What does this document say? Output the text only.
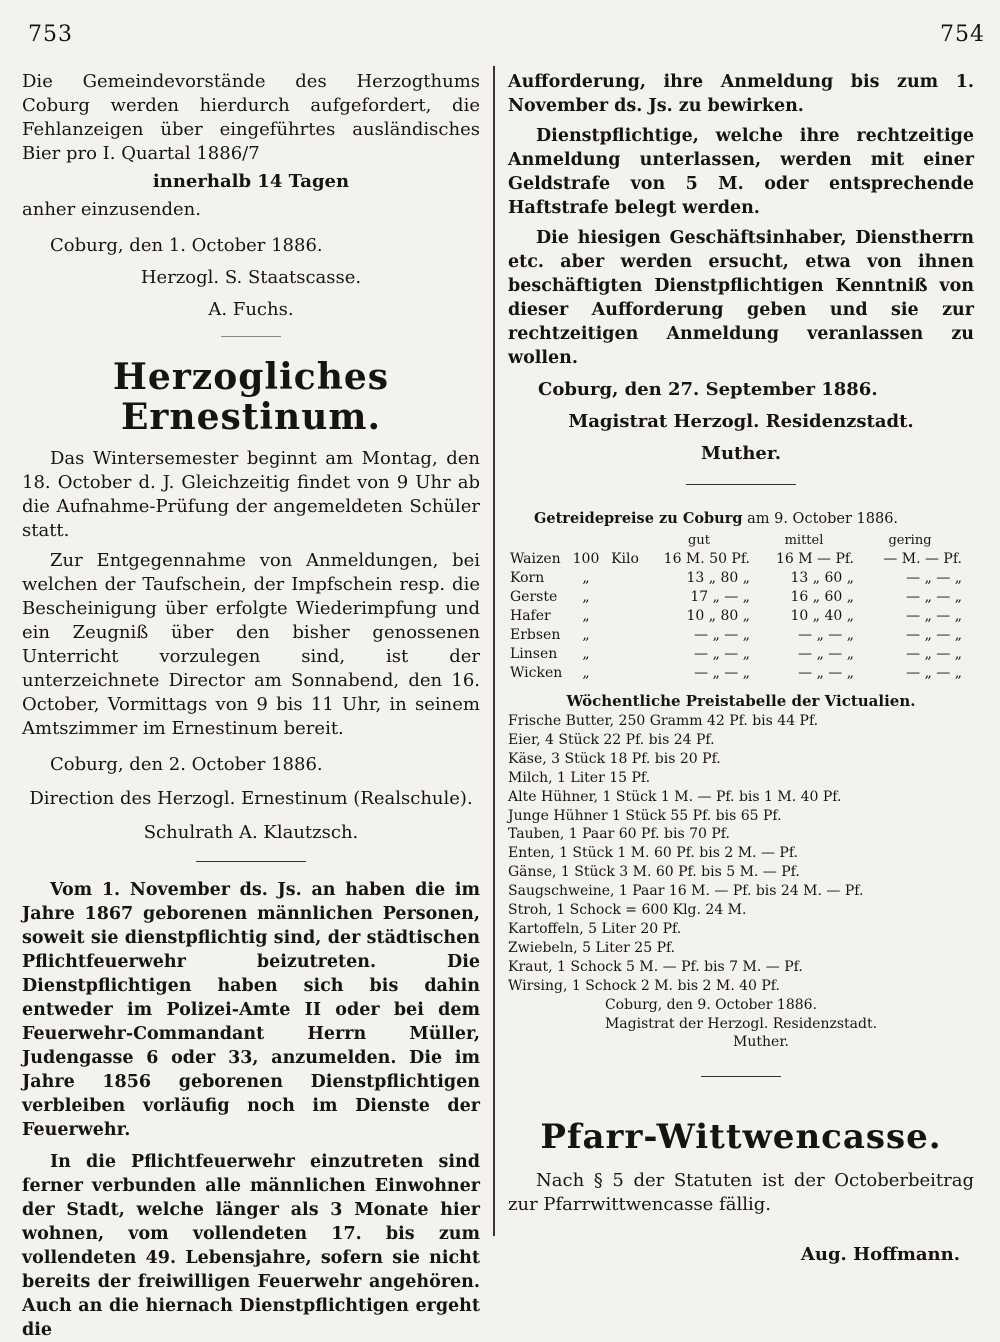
753	754

Die Gemeindevorstände des Herzogthums Coburg werden hierdurch aufgefordert, die Fehlanzeigen über eingeführtes ausländisches Bier pro I. Quartal 1886/7

innerhalb 14 Tagen

anher einzusenden.

Coburg, den 1. October 1886.

Herzogl. S. Staatscasse.

A. Fuchs.

Herzogliches Ernestinum.

Das Wintersemester beginnt am Montag, den 18. October d. J. Gleichzeitig findet von 9 Uhr ab die Aufnahme-Prüfung der angemeldeten Schüler statt.

Zur Entgegennahme von Anmeldungen, bei welchen der Taufschein, der Impfschein resp. die Bescheinigung über erfolgte Wiederimpfung und ein Zeugniß über den bisher genossenen Unterricht vorzulegen sind, ist der unterzeichnete Director am Sonnabend, den 16. October, Vormittags von 9 bis 11 Uhr, in seinem Amtszimmer im Ernestinum bereit.

Coburg, den 2. October 1886.

Direction des Herzogl. Ernestinum (Realschule).

Schulrath A. Klautzsch.

Vom 1. November ds. Js. an haben die im Jahre 1867 geborenen männlichen Personen, soweit sie dienstpflichtig sind, der städtischen Pflichtfeuerwehr beizutreten. Die Dienstpflichtigen haben sich bis dahin entweder im Polizei-Amte II oder bei dem Feuerwehr-Commandant Herrn Müller, Judengasse 6 oder 33, anzumelden. Die im Jahre 1856 geborenen Dienstpflichtigen verbleiben vorläufig noch im Dienste der Feuerwehr.

In die Pflichtfeuerwehr einzutreten sind ferner verbunden alle männlichen Einwohner der Stadt, welche länger als 3 Monate hier wohnen, vom vollendeten 17. bis zum vollendeten 49. Lebensjahre, sofern sie nicht bereits der freiwilligen Feuerwehr angehören. Auch an die hiernach Dienstpflichtigen ergeht die

Aufforderung, ihre Anmeldung bis zum 1. November ds. Js. zu bewirken.

Dienstpflichtige, welche ihre rechtzeitige Anmeldung unterlassen, werden mit einer Geldstrafe von 5 M. oder entsprechende Haftstrafe belegt werden.

Die hiesigen Geschäftsinhaber, Dienstherrn etc. aber werden ersucht, etwa von ihnen beschäftigten Dienstpflichtigen Kenntniß von dieser Aufforderung geben und sie zur rechtzeitigen Anmeldung veranlassen zu wollen.

Coburg, den 27. September 1886.

Magistrat Herzogl. Residenzstadt.

Muther.

Getreidepreise zu Coburg am 9. October 1886.

			gut	mittel	gering
Waizen	100	Kilo	16 M. 50 Pf.	16 M — Pf.	— M. — Pf.
Korn	„		13 „ 80 „	13 „ 60 „	— „ — „
Gerste	„		17 „ — „	16 „ 60 „	— „ — „
Hafer	„		10 „ 80 „	10 „ 40 „	— „ — „
Erbsen	„		— „ — „	— „ — „	— „ — „
Linsen	„		— „ — „	— „ — „	— „ — „
Wicken	„		— „ — „	— „ — „	— „ — „

Wöchentliche Preistabelle der Victualien.

Frische Butter, 250 Gramm 42 Pf. bis 44 Pf.

Eier, 4 Stück 22 Pf. bis 24 Pf.

Käse, 3 Stück 18 Pf. bis 20 Pf.

Milch, 1 Liter 15 Pf.

Alte Hühner, 1 Stück 1 M. — Pf. bis 1 M. 40 Pf.

Junge Hühner 1 Stück 55 Pf. bis 65 Pf.

Tauben, 1 Paar 60 Pf. bis 70 Pf.

Enten, 1 Stück 1 M. 60 Pf. bis 2 M. — Pf.

Gänse, 1 Stück 3 M. 60 Pf. bis 5 M. — Pf.

Saugschweine, 1 Paar 16 M. — Pf. bis 24 M. — Pf.

Stroh, 1 Schock = 600 Klg. 24 M.

Kartoffeln, 5 Liter 20 Pf.

Zwiebeln, 5 Liter 25 Pf.

Kraut, 1 Schock 5 M. — Pf. bis 7 M. — Pf.

Wirsing, 1 Schock 2 M. bis 2 M. 40 Pf.

Coburg, den 9. October 1886.

Magistrat der Herzogl. Residenzstadt.

Muther.

Pfarr-Wittwencasse.

Nach § 5 der Statuten ist der Octoberbeitrag zur Pfarrwittwencasse fällig.

Aug. Hoffmann.
